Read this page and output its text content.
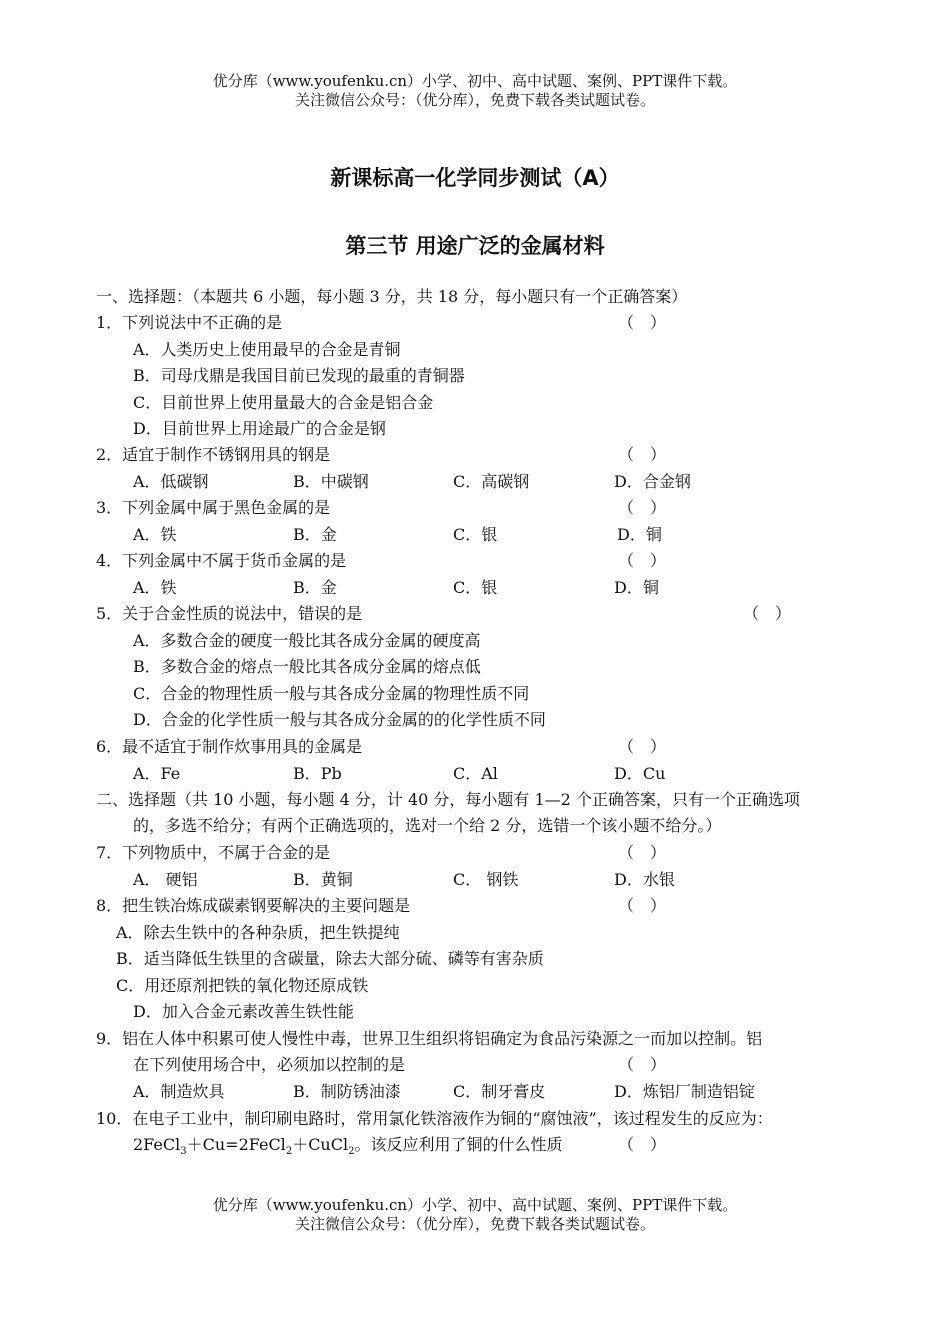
优分库（www.youfenku.cn）小学、初中、高中试题、案例、PPT课件下载。
关注微信公众号：（优分库），免费下载各类试题试卷。
新课标高一化学同步测试（A）
第三节 用途广泛的金属材料
一、选择题：（本题共 6 小题，每小题 3 分，共 18 分，每小题只有一个正确答案）
1．下列说法中不正确的是	（　）
A．人类历史上使用最早的合金是青铜
B．司母戊鼎是我国目前已发现的最重的青铜器
C．目前世界上使用量最大的合金是铝合金
D．目前世界上用途最广的合金是钢
2．适宜于制作不锈钢用具的钢是	（　）
A．低碳钢	B．中碳钢	C．高碳钢	D．合金钢
3．下列金属中属于黑色金属的是	（　）
A．铁	B．金	C．银	D．铜
4．下列金属中不属于货币金属的是	（　）
A．铁	B．金	C．银	D．铜
5．关于合金性质的说法中，错误的是	（　）
A．多数合金的硬度一般比其各成分金属的硬度高
B．多数合金的熔点一般比其各成分金属的熔点低
C．合金的物理性质一般与其各成分金属的物理性质不同
D．合金的化学性质一般与其各成分金属的的化学性质不同
6．最不适宜于制作炊事用具的金属是	（　）
A．Fe	B．Pb	C．Al	D．Cu
二、选择题（共 10 小题，每小题 4 分，计 40 分，每小题有 1—2 个正确答案，只有一个正确选项
的，多选不给分；有两个正确选项的，选对一个给 2 分，选错一个该小题不给分。）
7．下列物质中，不属于合金的是	（　）
A． 硬铝	B．黄铜	C． 钢铁	D．水银
8．把生铁冶炼成碳素钢要解决的主要问题是	（　）
A．除去生铁中的各种杂质，把生铁提纯
B．适当降低生铁里的含碳量，除去大部分硫、磷等有害杂质
C．用还原剂把铁的氧化物还原成铁
D．加入合金元素改善生铁性能
9．铝在人体中积累可使人慢性中毒，世界卫生组织将铝确定为食品污染源之一而加以控制。铝
在下列使用场合中，必须加以控制的是	（　）
A．制造炊具	B．制防锈油漆	C．制牙膏皮	D．炼铝厂制造铝锭
10．在电子工业中，制印刷电路时，常用氯化铁溶液作为铜的“腐蚀液”，该过程发生的反应为：
2FeCl$_3$＋Cu=2FeCl$_2$＋CuCl$_2$。该反应利用了铜的什么性质	（　）
优分库（www.youfenku.cn）小学、初中、高中试题、案例、PPT课件下载。
关注微信公众号：（优分库），免费下载各类试题试卷。
